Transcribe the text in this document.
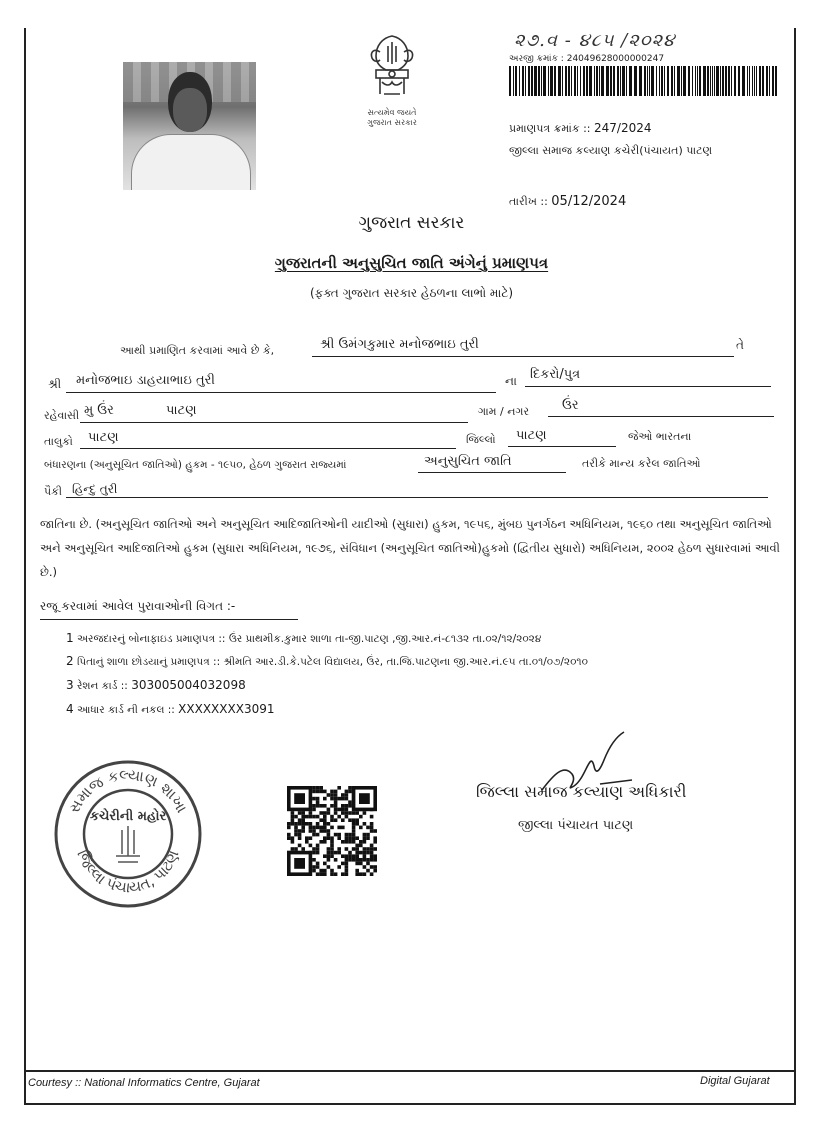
સત્યમેવ જયતે
ગુજરાત સરકાર
૨૭.વ - ૪૮૫ /૨૦૨૪
અરજી ક્રમાંક : 24049628000000247
પ્રમાણપત્ર ક્રમાંક :: 247/2024
જીલ્લા સમાજ કલ્યાણ કચેરી(પંચાયત) પાટણ
તારીખ :: 05/12/2024
ગુજરાત સરકાર
ગુજરાતની અનુસુચિત જાતિ અંગેનું પ્રમાણપત્ર
(ફક્ત ગુજરાત સરકાર હેઠળના લાભો માટે)
આથી પ્રમાણિત કરવામાં આવે છે કે,	શ્રી ઉમંગકુમાર મનોજભાઇ તુરી	તે
શ્રી મનોજભાઇ ડાહયાભાઇ તુરી	ના દિકરો/પુત્ર
રહેવાસી મુ ઉંર	પાટણ	ગામ / નગર	ઉંર
તાલુકો પાટણ	જિલ્લો પાટણ	જેઓ ભારતના
બંધારણના (અનુસૂચિત જાતિઓ) હુકમ - ૧૯૫૦, હેઠળ ગુજરાત રાજ્યમાં	અનુસુચિત જાતિ	તરીકે માન્ય કરેલ જાતિઓ
પૈકી હિન્દુ તુરી
જાતિના છે. (અનુસૂચિત જાતિઓ અને અનુસૂચિત આદિજાતિઓની યાદીઓ (સુધારા) હુકમ, ૧૯૫૬, મુંબઇ પુનર્ગઠન અધિનિયમ, ૧૯૬૦ તથા અનુસૂચિત જાતિઓ અને અનુસૂચિત આદિજાતિઓ હુકમ (સુધારા અધિનિયમ, ૧૯૭૬, સંવિધાન (અનુસૂચિત જાતિઓ)હુકમો (દ્વિતીય સુધારો) અધિનિયમ, ૨૦૦૨ હેઠળ સુધારવામાં આવી છે.)
રજૂ કરવામાં આવેલ પુરાવાઓની વિગત :-
1 અરજદારનું બોનાફાઇડ પ્રમાણપત્ર :: ઉંર પ્રાથમીક.કુમાર શાળા તા-જી.પાટણ ,જી.આર.નં-૮૧૩૨ તા.૦૨/૧૨/૨૦૨૪
2 પિતાનું શાળા છોડયાનું પ્રમાણપત્ર :: શ્રીમતિ આર.ડી.કે.પટેલ વિદ્યાલય, ઉંર, તા.જિ.પાટણના જી.આર.નં.૯૫ તા.૦૧/૦૭/૨૦૧૦
3 રેશન કાર્ડ :: 303005004032098
4 આધાર કાર્ડ ની નકલ :: XXXXXXXX3091
સમાજ કલ્યાણ શાખા
જિલ્લા પંચાયત, પાટણ
કચેરીની મહોર
જિલ્લા સમાજ કલ્યાણ અધિકારી
જીલ્લા પંચાયત પાટણ
Courtesy :: National Informatics Centre, Gujarat	Digital Gujarat
